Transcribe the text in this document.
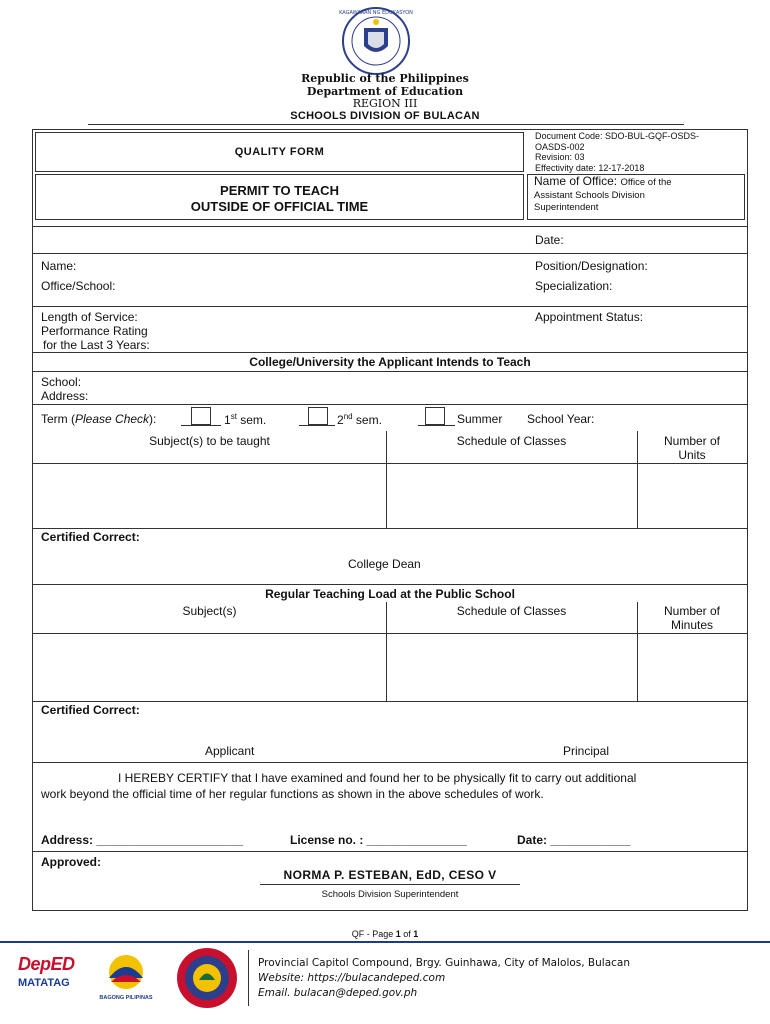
KAGAWARAN NG EDUKASYON
Republic of the Philippines
Department of Education
REGION III
SCHOOLS DIVISION OF BULACAN
QUALITY FORM
Document Code: SDO-BUL-GQF-OSDS-
OASDS-002
Revision: 03
Effectivity date: 12-17-2018
PERMIT TO TEACH
OUTSIDE OF OFFICIAL TIME
Name of Office: Office of the
Assistant Schools Division
Superintendent
Date:
Name:	Position/Designation:
Office/School:	Specialization:
Length of Service:	Appointment Status:
Performance Rating
for the Last 3 Years:
College/University the Applicant Intends to Teach
School:
Address:
Term (Please Check):	1st sem.	2nd sem.	Summer School Year:
Subject(s) to be taught	Schedule of Classes	Number of
Units
Certified Correct:
College Dean
Regular Teaching Load at the Public School
Subject(s)	Schedule of Classes	Number of
Minutes
Certified Correct:
Applicant	Principal
I HEREBY CERTIFY that I have examined and found her to be physically fit to carry out additional
work beyond the official time of her regular functions as shown in the above schedules of work.
Address: ______________________	License no. : _______________	Date: ____________
Approved:
NORMA P. ESTEBAN, EdD, CESO V
Schools Division Superintendent
QF - Page 1 of 1
DepED
MATATAG
BAGONG PILIPINAS
Provincial Capitol Compound, Brgy. Guinhawa, City of Malolos, Bulacan
Website: https://bulacandeped.com
Email. bulacan@deped.gov.ph
